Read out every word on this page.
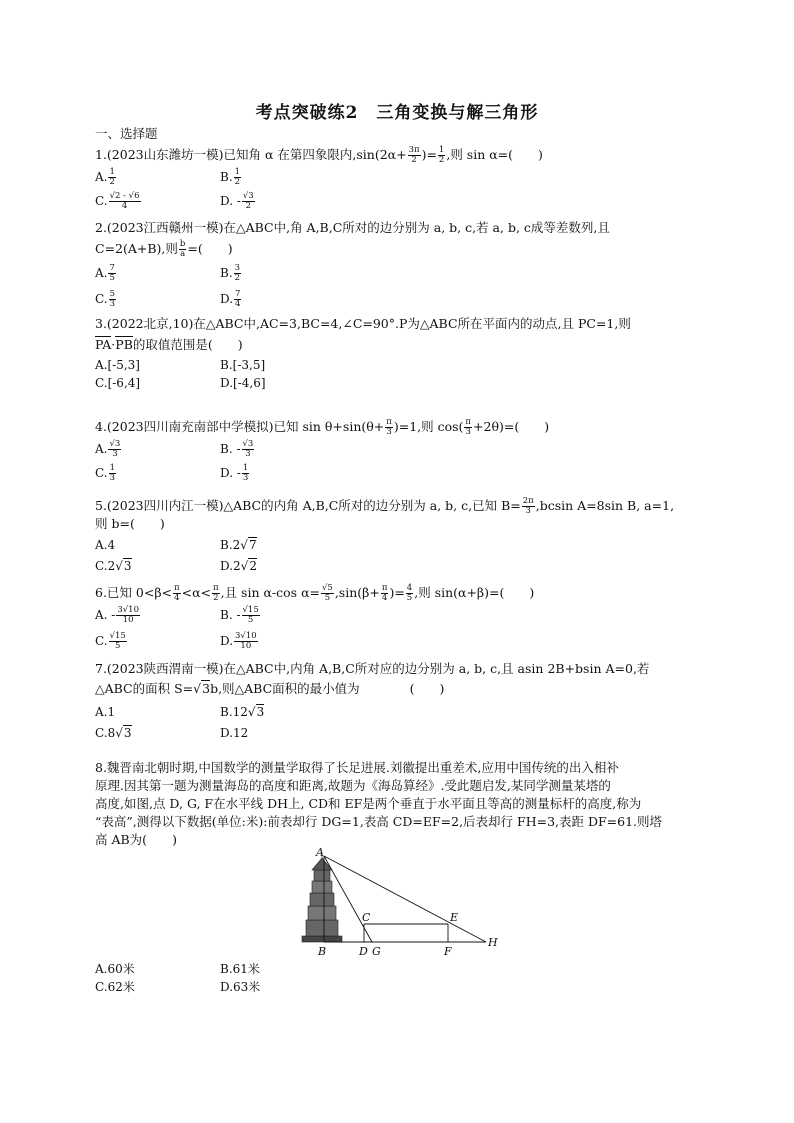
考点突破练2　三角变换与解三角形
一、选择题
1.(2023山东潍坊一模)已知角 α 在第四象限内$,\sin(2\alpha+ \frac{3\pi}{2}$ )= $\frac{1}{2}$ ,则 sin α=(　　)
A. $\frac{1}{2}$	B. $\frac{1}{2}$
C. $\frac{√2 - √6}{4}$	D. - $\frac{√3}{2}$
2.(2023江西赣州一模)在△ABC中,角 A,B,C所对的边分别为 a, b, c,若 a, b, c成等差数列,且
C=2(A+B),则 $\frac{b}{a}$ =(　　)
A. $\frac{7}{5}$	B. $\frac{3}{2}$
C. $\frac{5}{3}$	D. $\frac{7}{4}$
3.(2022北京,10)在△ABC中,AC=3,BC=4,∠C=90°.P为△ABC所在平面内的动点,且 PC=1,则
PA·PB的取值范围是(　　)
A.[-5,3]	B.[-3,5]
C.[-6,4]	D.[-4,6]
4.(2023四川南充南部中学模拟)已知 $\sin \theta+\sin(\theta+ \frac{\pi}{3} )=1$,则 $\cos( \frac{\pi}{3} +2\theta)=$(　　)
A. $\frac{√3}{3}$	B. - $\frac{√3}{3}$
C. $\frac{1}{3}$	D. - $\frac{1}{3}$
5.(2023四川内江一模)△ABC的内角 A,B,C所对的边分别为 a, b, c,已知 $B= \frac{2\pi}{3} ,bcsin$ A=8sin B, a=1,
则 b=(　　)
A.4	B.2√7
C.2√3	D.2√2
6.已知 $0<\beta< \frac{\pi}{4} <\alpha< \frac{\pi}{2}$ ,且 sin α-cos $\alpha= \frac{√5}{5} ,\sin(\beta+ \frac{\pi}{4}$ )= $\frac{4}{5}$ ,则 sin(α+β)=(　　)
A. - $\frac{3√10}{10}$	B. - $\frac{√15}{5}$
C. $\frac{√15}{5}$	D. $\frac{3√10}{10}$
7.(2023陕西渭南一模)在△ABC中,内角 A,B,C所对应的边分别为 a, b, c,且 asin 2B+bsin A=0,若
△ABC的面积 S=√3b,则△ABC面积的最小值为　　　　(　　)
A.1	B.12√3
C.8√3	D.12
8.魏晋南北朝时期,中国数学的测量学取得了长足进展.刘徽提出重差术,应用中国传统的出入相补
原理.因其第一题为测量海岛的高度和距离,故题为《海岛算经》.受此题启发,某同学测量某塔的
高度,如图,点 D, G, F在水平线 DH上, CD和 EF是两个垂直于水平面且等高的测量标杆的高度,称为
“表高”,测得以下数据(单位:米):前表却行 DG=1,表高 CD=EF=2,后表却行 FH=3,表距 DF=61.则塔
高 AB为(　　)
A
B
C
D
E
F
G
H
A.60米	B.61米
C.62米	D.63米
